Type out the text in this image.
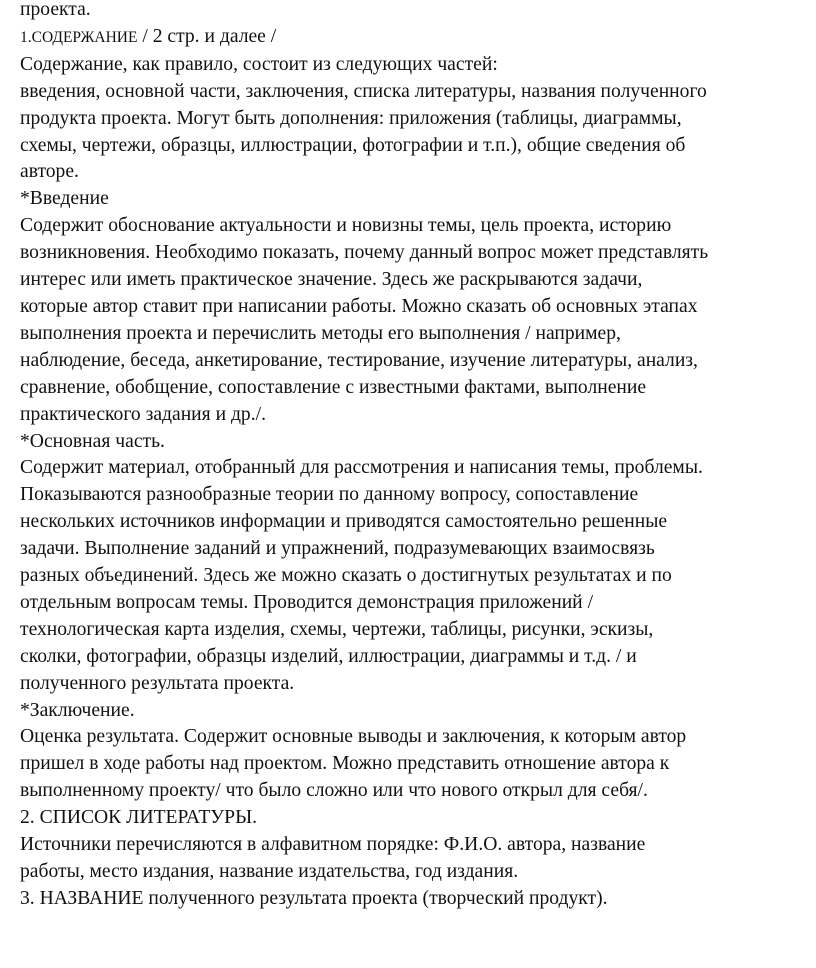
проекта.
1.СОДЕРЖАНИЕ / 2 стр. и далее /
Содержание, как правило, состоит из следующих частей:
введения, основной части, заключения, списка литературы, названия полученного
продукта проекта. Могут быть дополнения: приложения (таблицы, диаграммы,
схемы, чертежи, образцы, иллюстрации, фотографии и т.п.), общие сведения об
авторе.
*Введение
Содержит обоснование актуальности и новизны темы, цель проекта, историю
возникновения. Необходимо показать, почему данный вопрос может представлять
интерес или иметь практическое значение. Здесь же раскрываются задачи,
которые автор ставит при написании работы. Можно сказать об основных этапах
выполнения проекта и перечислить методы его выполнения / например,
наблюдение, беседа, анкетирование, тестирование, изучение литературы, анализ,
сравнение, обобщение, сопоставление с известными фактами, выполнение
практического задания и др./.
*Основная часть.
Содержит материал, отобранный для рассмотрения и написания темы, проблемы.
Показываются разнообразные теории по данному вопросу, сопоставление
нескольких источников информации и приводятся самостоятельно решенные
задачи. Выполнение заданий и упражнений, подразумевающих взаимосвязь
разных объединений. Здесь же можно сказать о достигнутых результатах и по
отдельным вопросам темы. Проводится демонстрация приложений /
технологическая карта изделия, схемы, чертежи, таблицы, рисунки, эскизы,
сколки, фотографии, образцы изделий, иллюстрации, диаграммы и т.д. / и
полученного результата проекта.
*Заключение.
Оценка результата. Содержит основные выводы и заключения, к которым автор
пришел в ходе работы над проектом. Можно представить отношение автора к
выполненному проекту/ что было сложно или что нового открыл для себя/.
2. СПИСОК ЛИТЕРАТУРЫ.
Источники перечисляются в алфавитном порядке: Ф.И.О. автора, название
работы, место издания, название издательства, год издания.
3. НАЗВАНИЕ полученного результата проекта (творческий продукт).
